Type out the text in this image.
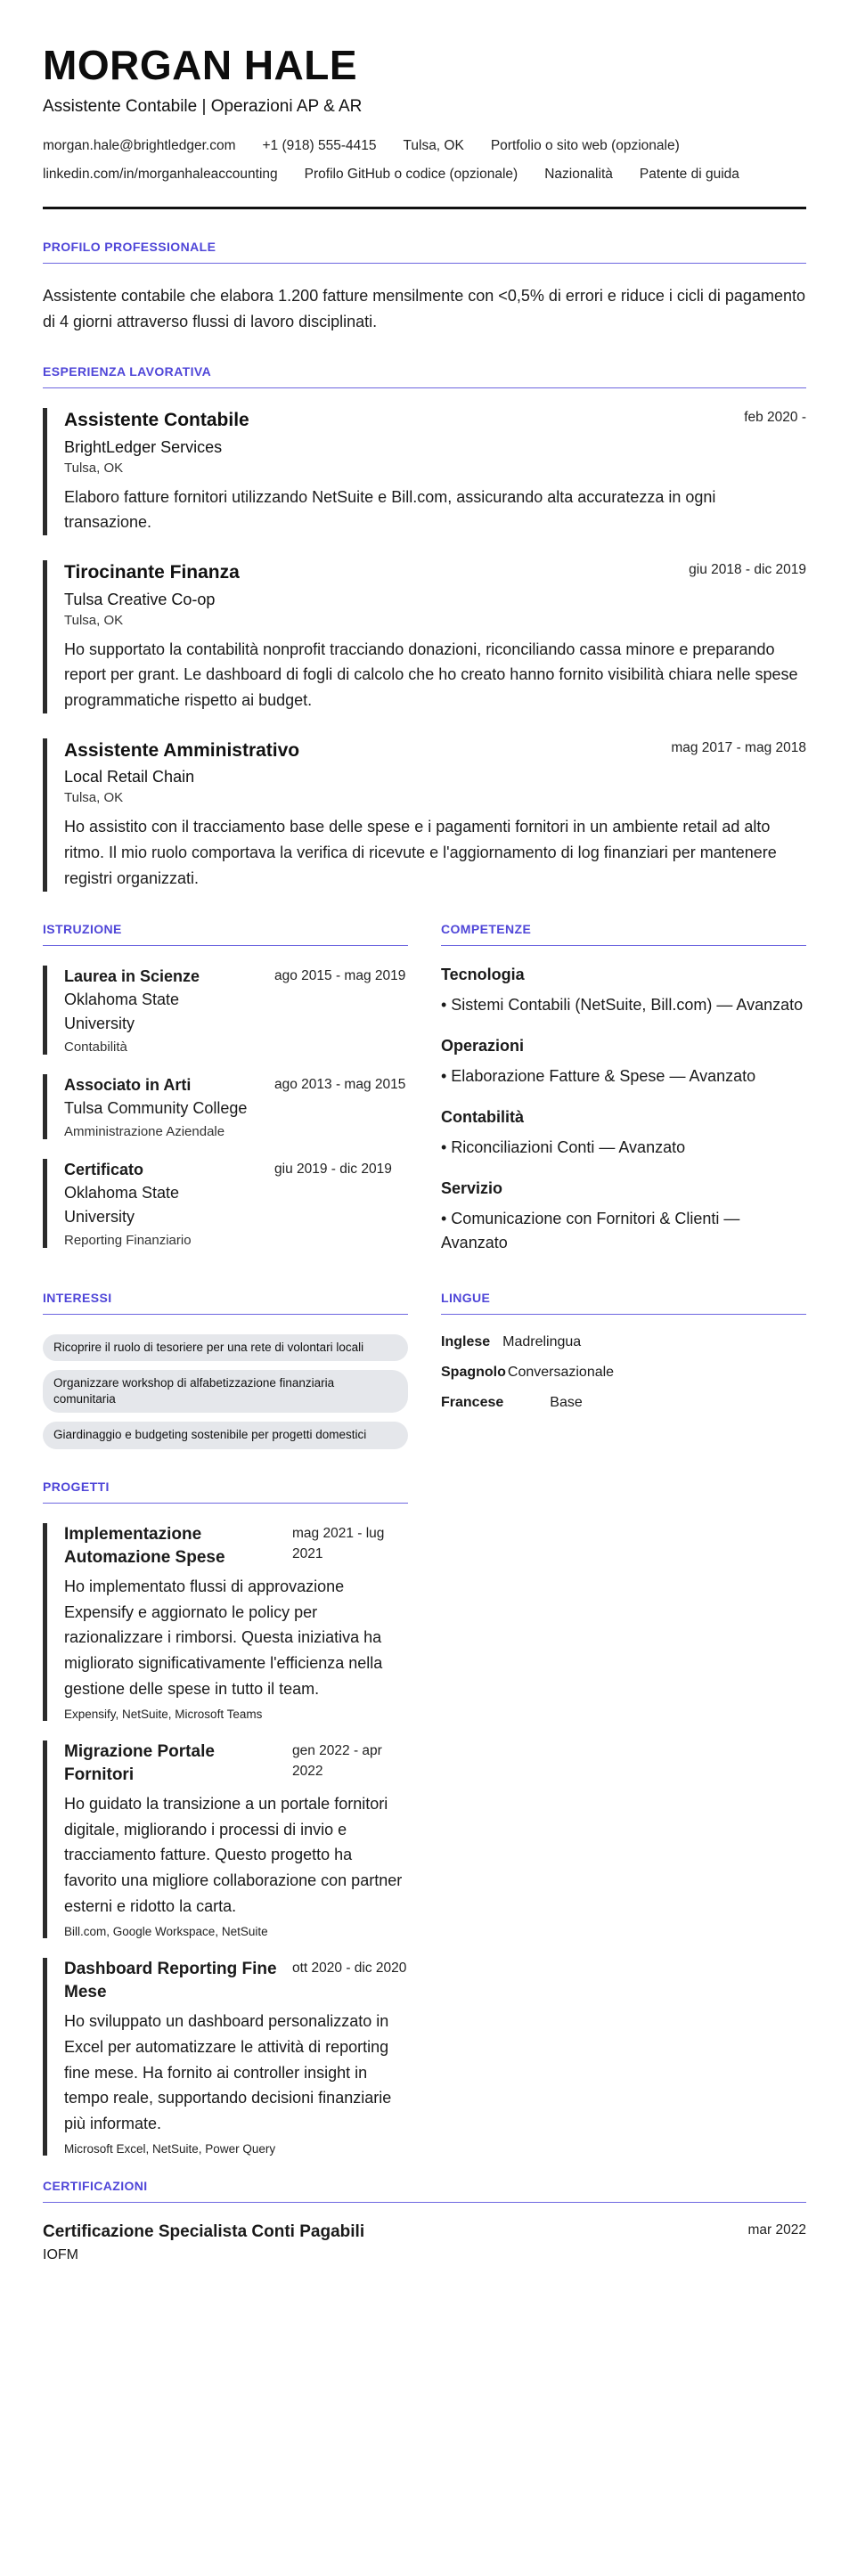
MORGAN HALE
Assistente Contabile | Operazioni AP & AR
morgan.hale@brightledger.com +1 (918) 555-4415 Tulsa, OK Portfolio o sito web (opzionale)
linkedin.com/in/morganhaleaccounting Profilo GitHub o codice (opzionale) Nazionalità Patente di guida
PROFILO PROFESSIONALE
Assistente contabile che elabora 1.200 fatture mensilmente con <0,5% di errori e riduce i cicli di pagamento di 4 giorni attraverso flussi di lavoro disciplinati.
ESPERIENZA LAVORATIVA
Assistente Contabile	feb 2020 -
BrightLedger Services
Tulsa, OK
Elaboro fatture fornitori utilizzando NetSuite e Bill.com, assicurando alta accuratezza in ogni transazione.
Tirocinante Finanza	giu 2018 - dic 2019
Tulsa Creative Co-op
Tulsa, OK
Ho supportato la contabilità nonprofit tracciando donazioni, riconciliando cassa minore e preparando report per grant. Le dashboard di fogli di calcolo che ho creato hanno fornito visibilità chiara nelle spese programmatiche rispetto ai budget.
Assistente Amministrativo	mag 2017 - mag 2018
Local Retail Chain
Tulsa, OK
Ho assistito con il tracciamento base delle spese e i pagamenti fornitori in un ambiente retail ad alto ritmo. Il mio ruolo comportava la verifica di ricevute e l'aggiornamento di log finanziari per mantenere registri organizzati.
ISTRUZIONE
Laurea in Scienze
Oklahoma State University
Contabilità
ago 2015 - mag 2019
Associato in Arti
Tulsa Community College
Amministrazione Aziendale
ago 2013 - mag 2015
Certificato
Oklahoma State University
Reporting Finanziario
giu 2019 - dic 2019
COMPETENZE
Tecnologia
• Sistemi Contabili (NetSuite, Bill.com) — Avanzato
Operazioni
• Elaborazione Fatture & Spese — Avanzato
Contabilità
• Riconciliazioni Conti — Avanzato
Servizio
• Comunicazione con Fornitori & Clienti — Avanzato
INTERESSI
Ricoprire il ruolo di tesoriere per una rete di volontari locali
Organizzare workshop di alfabetizzazione finanziaria comunitaria
Giardinaggio e budgeting sostenibile per progetti domestici
LINGUE
Inglese Madrelingua
Spagnolo Conversazionale
Francese	Base
PROGETTI
Implementazione Automazione Spese
mag 2021 - lug 2021
Ho implementato flussi di approvazione Expensify e aggiornato le policy per razionalizzare i rimborsi. Questa iniziativa ha migliorato significativamente l'efficienza nella gestione delle spese in tutto il team.
Expensify, NetSuite, Microsoft Teams
Migrazione Portale Fornitori
gen 2022 - apr 2022
Ho guidato la transizione a un portale fornitori digitale, migliorando i processi di invio e tracciamento fatture. Questo progetto ha favorito una migliore collaborazione con partner esterni e ridotto la carta.
Bill.com, Google Workspace, NetSuite
Dashboard Reporting Fine Mese
ott 2020 - dic 2020
Ho sviluppato un dashboard personalizzato in Excel per automatizzare le attività di reporting fine mese. Ha fornito ai controller insight in tempo reale, supportando decisioni finanziarie più informate.
Microsoft Excel, NetSuite, Power Query
CERTIFICAZIONI
Certificazione Specialista Conti Pagabili	mar 2022
IOFM
